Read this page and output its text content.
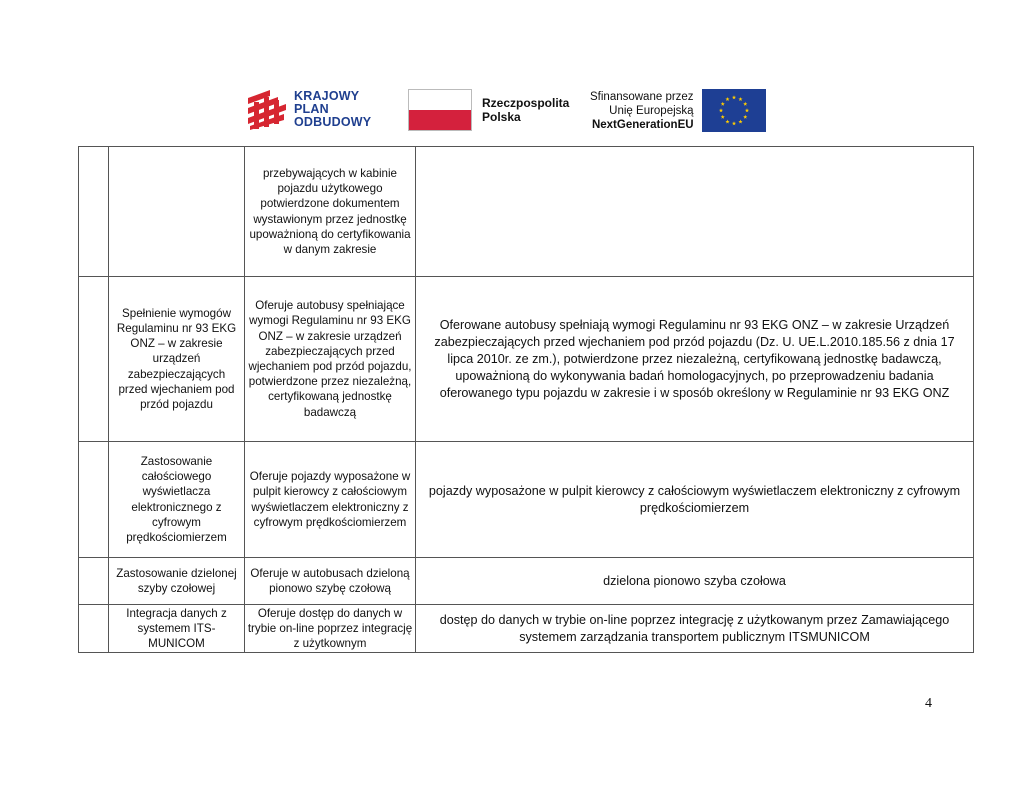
KRAJOWY
PLAN
ODBUDOWY
Rzeczpospolita
Polska
Sfinansowane przez
Unię Europejską
NextGenerationEU
		przebywających w kabinie pojazdu użytkowego potwierdzone dokumentem wystawionym przez jednostkę upoważnioną do certyfikowania w danym zakresie	
	Spełnienie wymogów Regulaminu nr 93 EKG ONZ – w zakresie urządzeń zabezpieczających przed wjechaniem pod przód pojazdu	Oferuje autobusy spełniające wymogi Regulaminu nr 93 EKG ONZ – w zakresie urządzeń zabezpieczających przed wjechaniem pod przód pojazdu, potwierdzone przez niezależną, certyfikowaną jednostkę badawczą	Oferowane autobusy spełniają wymogi Regulaminu nr 93 EKG ONZ – w zakresie Urządzeń zabezpieczających przed wjechaniem pod przód pojazdu (Dz. U. UE.L.2010.185.56 z dnia 17 lipca 2010r. ze zm.), potwierdzone przez niezależną, certyfikowaną jednostkę badawczą, upoważnioną do wykonywania badań homologacyjnych, po przeprowadzeniu badania oferowanego typu pojazdu w zakresie i w sposób określony w Regulaminie nr 93 EKG ONZ
	Zastosowanie całościowego wyświetlacza elektronicznego z cyfrowym prędkościomierzem	Oferuje pojazdy wyposażone w pulpit kierowcy z całościowym wyświetlaczem elektroniczny z cyfrowym prędkościomierzem	pojazdy wyposażone w pulpit kierowcy z całościowym wyświetlaczem elektroniczny z cyfrowym prędkościomierzem
	Zastosowanie dzielonej szyby czołowej	Oferuje w autobusach dzieloną pionowo szybę czołową	dzielona pionowo szyba czołowa
	Integracja danych z systemem ITS-MUNICOM	Oferuje dostęp do danych w trybie on-line poprzez integrację z użytkownym	dostęp do danych w trybie on-line poprzez integrację z użytkowanym przez Zamawiającego systemem zarządzania transportem publicznym ITSMUNICOM
4
